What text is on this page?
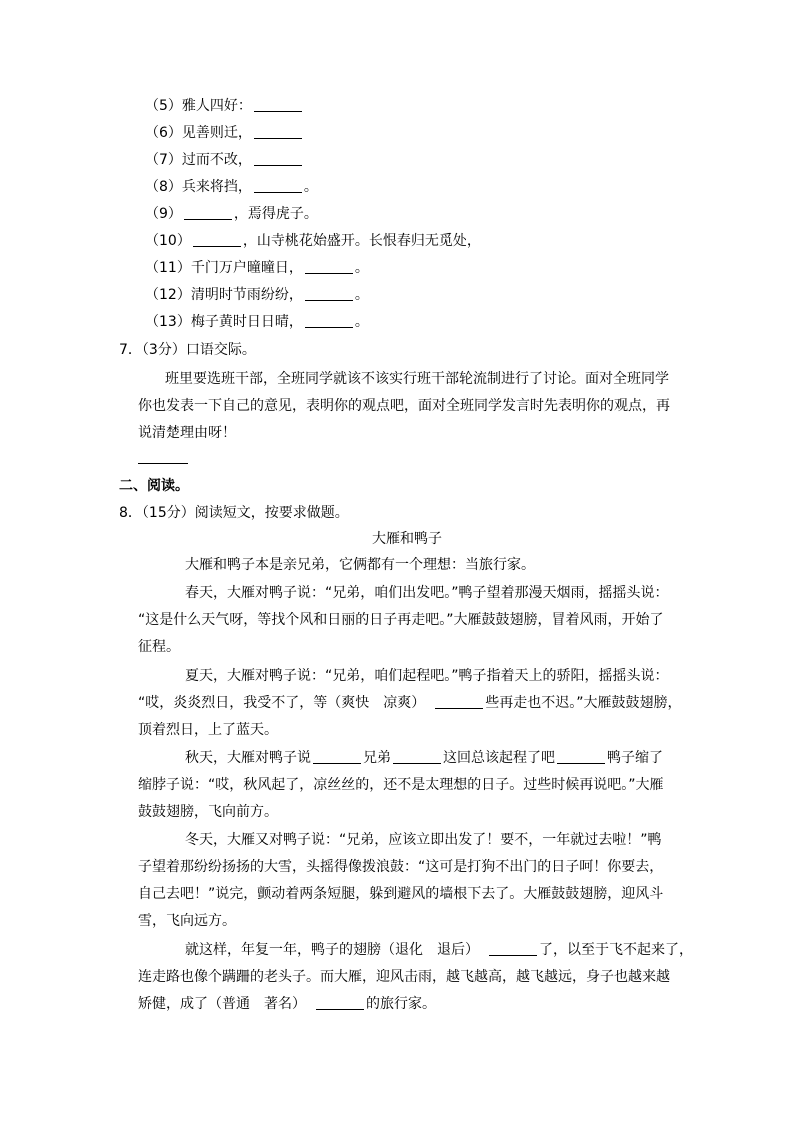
（5）雅人四好：
（6）见善则迁，
（7）过而不改，
（8）兵来将挡，	。
（9）	，焉得虎子。
（10）	，山寺桃花始盛开。长恨春归无觅处，
（11）千门万户曈曈日，	。
（12）清明时节雨纷纷，	。
（13）梅子黄时日日晴，	。
7．（3分）口语交际。
班里要选班干部，全班同学就该不该实行班干部轮流制进行了讨论。面对全班同学
你也发表一下自己的意见，表明你的观点吧，面对全班同学发言时先表明你的观点，再
说清楚理由呀！
二、阅读。
8．（15分）阅读短文，按要求做题。
大雁和鸭子
大雁和鸭子本是亲兄弟，它俩都有一个理想：当旅行家。
春天，大雁对鸭子说：“兄弟，咱们出发吧。”鸭子望着那漫天烟雨，摇摇头说：
“这是什么天气呀，等找个风和日丽的日子再走吧。”大雁鼓鼓翅膀，冒着风雨，开始了
征程。
夏天，大雁对鸭子说：“兄弟，咱们起程吧。”鸭子指着天上的骄阳，摇摇头说：
“哎，炎炎烈日，我受不了，等（爽快　凉爽）	些再走也不迟。”大雁鼓鼓翅膀，
顶着烈日，上了蓝天。
秋天，大雁对鸭子说	兄弟	这回总该起程了吧	鸭子缩了
缩脖子说：“哎，秋风起了，凉丝丝的，还不是太理想的日子。过些时候再说吧。”大雁
鼓鼓翅膀，飞向前方。
冬天，大雁又对鸭子说：“兄弟，应该立即出发了！要不，一年就过去啦！”鸭
子望着那纷纷扬扬的大雪，头摇得像拨浪鼓：“这可是打狗不出门的日子呵！你要去，
自己去吧！”说完，颤动着两条短腿，躲到避风的墙根下去了。大雁鼓鼓翅膀，迎风斗
雪，飞向远方。
就这样，年复一年，鸭子的翅膀（退化　退后）	了，以至于飞不起来了，
连走路也像个蹒跚的老头子。而大雁，迎风击雨，越飞越高，越飞越远，身子也越来越
矫健，成了（普通　著名）	的旅行家。
